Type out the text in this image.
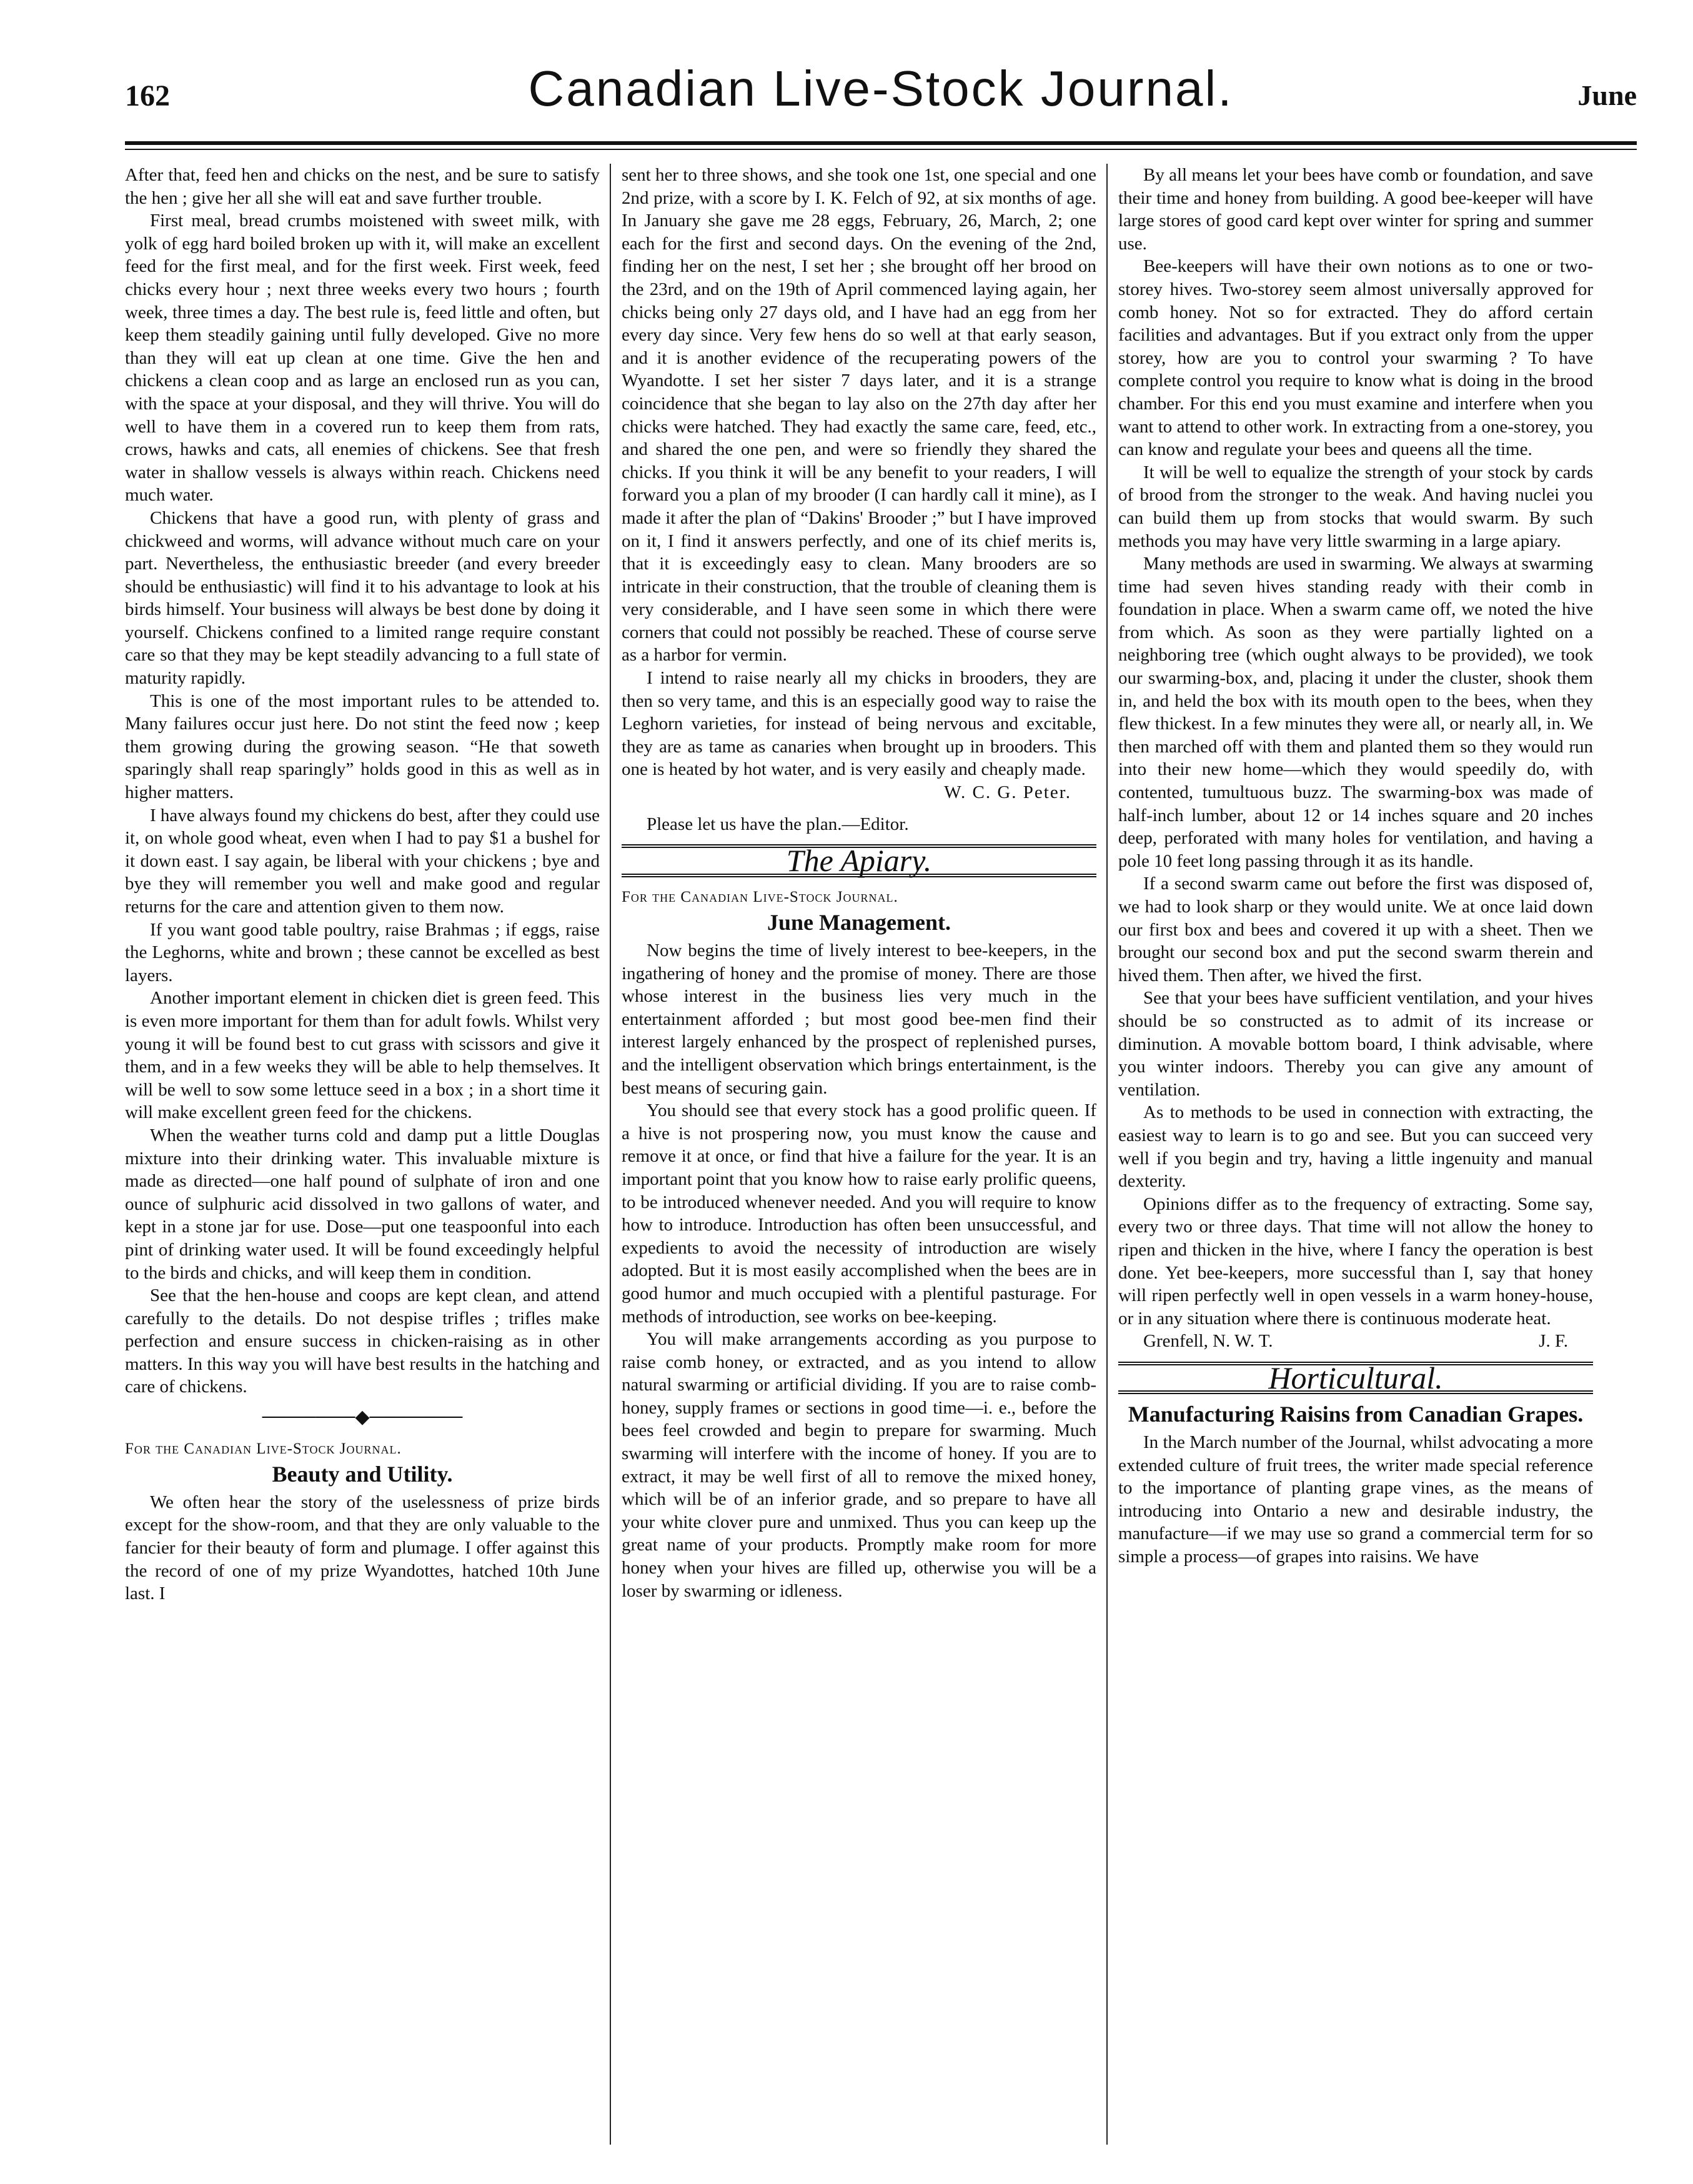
162	Canadian Live-Stock Journal.	June

After that, feed hen and chicks on the nest, and be sure to satisfy the hen ; give her all she will eat and save further trouble.

First meal, bread crumbs moistened with sweet milk, with yolk of egg hard boiled broken up with it, will make an excellent feed for the first meal, and for the first week. First week, feed chicks every hour ; next three weeks every two hours ; fourth week, three times a day. The best rule is, feed little and often, but keep them steadily gaining until fully developed. Give no more than they will eat up clean at one time. Give the hen and chickens a clean coop and as large an enclosed run as you can, with the space at your disposal, and they will thrive. You will do well to have them in a covered run to keep them from rats, crows, hawks and cats, all enemies of chickens. See that fresh water in shallow vessels is always within reach. Chickens need much water.

Chickens that have a good run, with plenty of grass and chickweed and worms, will advance without much care on your part. Nevertheless, the enthusiastic breeder (and every breeder should be enthusiastic) will find it to his advantage to look at his birds himself. Your business will always be best done by doing it yourself. Chickens confined to a limited range require constant care so that they may be kept steadily advancing to a full state of maturity rapidly.

This is one of the most important rules to be attended to. Many failures occur just here. Do not stint the feed now ; keep them growing during the growing season. “He that soweth sparingly shall reap sparingly” holds good in this as well as in higher matters.

I have always found my chickens do best, after they could use it, on whole good wheat, even when I had to pay $1 a bushel for it down east. I say again, be liberal with your chickens ; bye and bye they will remember you well and make good and regular returns for the care and attention given to them now.

If you want good table poultry, raise Brahmas ; if eggs, raise the Leghorns, white and brown ; these cannot be excelled as best layers.

Another important element in chicken diet is green feed. This is even more important for them than for adult fowls. Whilst very young it will be found best to cut grass with scissors and give it them, and in a few weeks they will be able to help themselves. It will be well to sow some lettuce seed in a box ; in a short time it will make excellent green feed for the chickens.

When the weather turns cold and damp put a little Douglas mixture into their drinking water. This invaluable mixture is made as directed—one half pound of sulphate of iron and one ounce of sulphuric acid dissolved in two gallons of water, and kept in a stone jar for use. Dose—put one teaspoonful into each pint of drinking water used. It will be found exceedingly helpful to the birds and chicks, and will keep them in condition.

See that the hen-house and coops are kept clean, and attend carefully to the details. Do not despise trifles ; trifles make perfection and ensure success in chicken-raising as in other matters. In this way you will have best results in the hatching and care of chickens.

───────◆───────

For the Canadian Live-Stock Journal.

Beauty and Utility.

We often hear the story of the uselessness of prize birds except for the show-room, and that they are only valuable to the fancier for their beauty of form and plumage. I offer against this the record of one of my prize Wyandottes, hatched 10th June last. I

sent her to three shows, and she took one 1st, one special and one 2nd prize, with a score by I. K. Felch of 92, at six months of age. In January she gave me 28 eggs, February, 26, March, 2; one each for the first and second days. On the evening of the 2nd, finding her on the nest, I set her ; she brought off her brood on the 23rd, and on the 19th of April commenced laying again, her chicks being only 27 days old, and I have had an egg from her every day since. Very few hens do so well at that early season, and it is another evidence of the recuperating powers of the Wyandotte. I set her sister 7 days later, and it is a strange coincidence that she began to lay also on the 27th day after her chicks were hatched. They had exactly the same care, feed, etc., and shared the one pen, and were so friendly they shared the chicks. If you think it will be any benefit to your readers, I will forward you a plan of my brooder (I can hardly call it mine), as I made it after the plan of “Dakins' Brooder ;” but I have improved on it, I find it answers perfectly, and one of its chief merits is, that it is exceedingly easy to clean. Many brooders are so intricate in their construction, that the trouble of cleaning them is very considerable, and I have seen some in which there were corners that could not possibly be reached. These of course serve as a harbor for vermin.

I intend to raise nearly all my chicks in brooders, they are then so very tame, and this is an especially good way to raise the Leghorn varieties, for instead of being nervous and excitable, they are as tame as canaries when brought up in brooders. This one is heated by hot water, and is very easily and cheaply made.

W. C. G. Peter.

Please let us have the plan.—Editor.

The Apiary.

For the Canadian Live-Stock Journal.

June Management.

Now begins the time of lively interest to bee-keepers, in the ingathering of honey and the promise of money. There are those whose interest in the business lies very much in the entertainment afforded ; but most good bee-men find their interest largely enhanced by the prospect of replenished purses, and the intelligent observation which brings entertainment, is the best means of securing gain.

You should see that every stock has a good prolific queen. If a hive is not prospering now, you must know the cause and remove it at once, or find that hive a failure for the year. It is an important point that you know how to raise early prolific queens, to be introduced whenever needed. And you will require to know how to introduce. Introduction has often been unsuccessful, and expedients to avoid the necessity of introduction are wisely adopted. But it is most easily accomplished when the bees are in good humor and much occupied with a plentiful pasturage. For methods of introduction, see works on bee-keeping.

You will make arrangements according as you purpose to raise comb honey, or extracted, and as you intend to allow natural swarming or artificial dividing. If you are to raise comb-honey, supply frames or sections in good time—i. e., before the bees feel crowded and begin to prepare for swarming. Much swarming will interfere with the income of honey. If you are to extract, it may be well first of all to remove the mixed honey, which will be of an inferior grade, and so prepare to have all your white clover pure and unmixed. Thus you can keep up the great name of your products. Promptly make room for more honey when your hives are filled up, otherwise you will be a loser by swarming or idleness.

By all means let your bees have comb or foundation, and save their time and honey from building. A good bee-keeper will have large stores of good card kept over winter for spring and summer use.

Bee-keepers will have their own notions as to one or two-storey hives. Two-storey seem almost universally approved for comb honey. Not so for extracted. They do afford certain facilities and advantages. But if you extract only from the upper storey, how are you to control your swarming ? To have complete control you require to know what is doing in the brood chamber. For this end you must examine and interfere when you want to attend to other work. In extracting from a one-storey, you can know and regulate your bees and queens all the time.

It will be well to equalize the strength of your stock by cards of brood from the stronger to the weak. And having nuclei you can build them up from stocks that would swarm. By such methods you may have very little swarming in a large apiary.

Many methods are used in swarming. We always at swarming time had seven hives standing ready with their comb in foundation in place. When a swarm came off, we noted the hive from which. As soon as they were partially lighted on a neighboring tree (which ought always to be provided), we took our swarming-box, and, placing it under the cluster, shook them in, and held the box with its mouth open to the bees, when they flew thickest. In a few minutes they were all, or nearly all, in. We then marched off with them and planted them so they would run into their new home—which they would speedily do, with contented, tumultuous buzz. The swarming-box was made of half-inch lumber, about 12 or 14 inches square and 20 inches deep, perforated with many holes for ventilation, and having a pole 10 feet long passing through it as its handle.

If a second swarm came out before the first was disposed of, we had to look sharp or they would unite. We at once laid down our first box and bees and covered it up with a sheet. Then we brought our second box and put the second swarm therein and hived them. Then after, we hived the first.

See that your bees have sufficient ventilation, and your hives should be so constructed as to admit of its increase or diminution. A movable bottom board, I think advisable, where you winter indoors. Thereby you can give any amount of ventilation.

As to methods to be used in connection with extracting, the easiest way to learn is to go and see. But you can succeed very well if you begin and try, having a little ingenuity and manual dexterity.

Opinions differ as to the frequency of extracting. Some say, every two or three days. That time will not allow the honey to ripen and thicken in the hive, where I fancy the operation is best done. Yet bee-keepers, more successful than I, say that honey will ripen perfectly well in open vessels in a warm honey-house, or in any situation where there is continuous moderate heat.

Grenfell, N. W. T.	J. F.
Horticultural.

Manufacturing Raisins from Canadian Grapes.

In the March number of the Journal, whilst advocating a more extended culture of fruit trees, the writer made special reference to the importance of planting grape vines, as the means of introducing into Ontario a new and desirable industry, the manufacture—if we may use so grand a commercial term for so simple a process—of grapes into raisins. We have
